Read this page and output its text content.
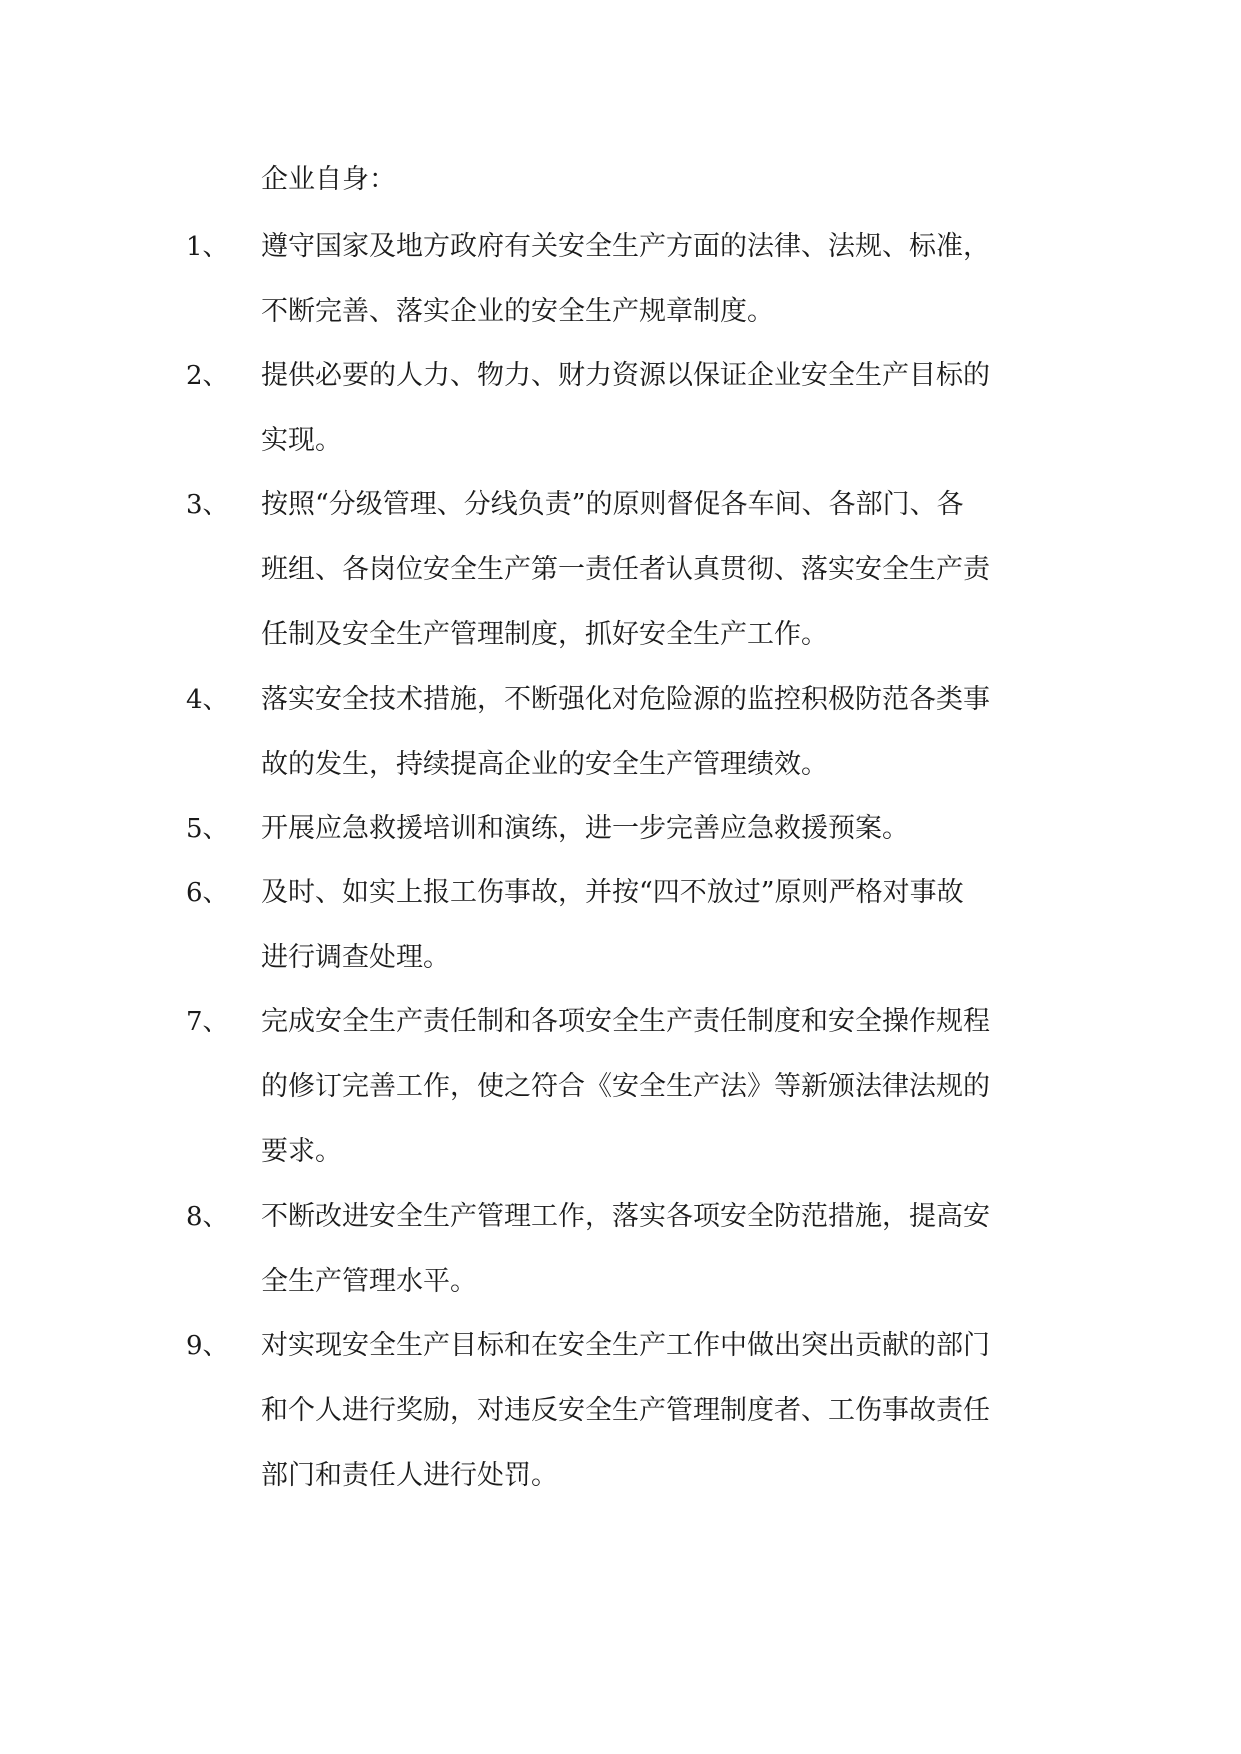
企业自身：
1、 遵守国家及地方政府有关安全生产方面的法律、法规、标准，
不断完善、落实企业的安全生产规章制度。
2、 提供必要的人力、物力、财力资源以保证企业安全生产目标的
实现。
3、 按照“分级管理、分线负责”的原则督促各车间、各部门、各
班组、各岗位安全生产第一责任者认真贯彻、落实安全生产责
任制及安全生产管理制度，抓好安全生产工作。
4、 落实安全技术措施，不断强化对危险源的监控积极防范各类事
故的发生，持续提高企业的安全生产管理绩效。
5、 开展应急救援培训和演练，进一步完善应急救援预案。
6、 及时、如实上报工伤事故，并按“四不放过”原则严格对事故
进行调查处理。
7、 完成安全生产责任制和各项安全生产责任制度和安全操作规程
的修订完善工作，使之符合《安全生产法》等新颁法律法规的
要求。
8、 不断改进安全生产管理工作，落实各项安全防范措施，提高安
全生产管理水平。
9、 对实现安全生产目标和在安全生产工作中做出突出贡献的部门
和个人进行奖励，对违反安全生产管理制度者、工伤事故责任
部门和责任人进行处罚。
